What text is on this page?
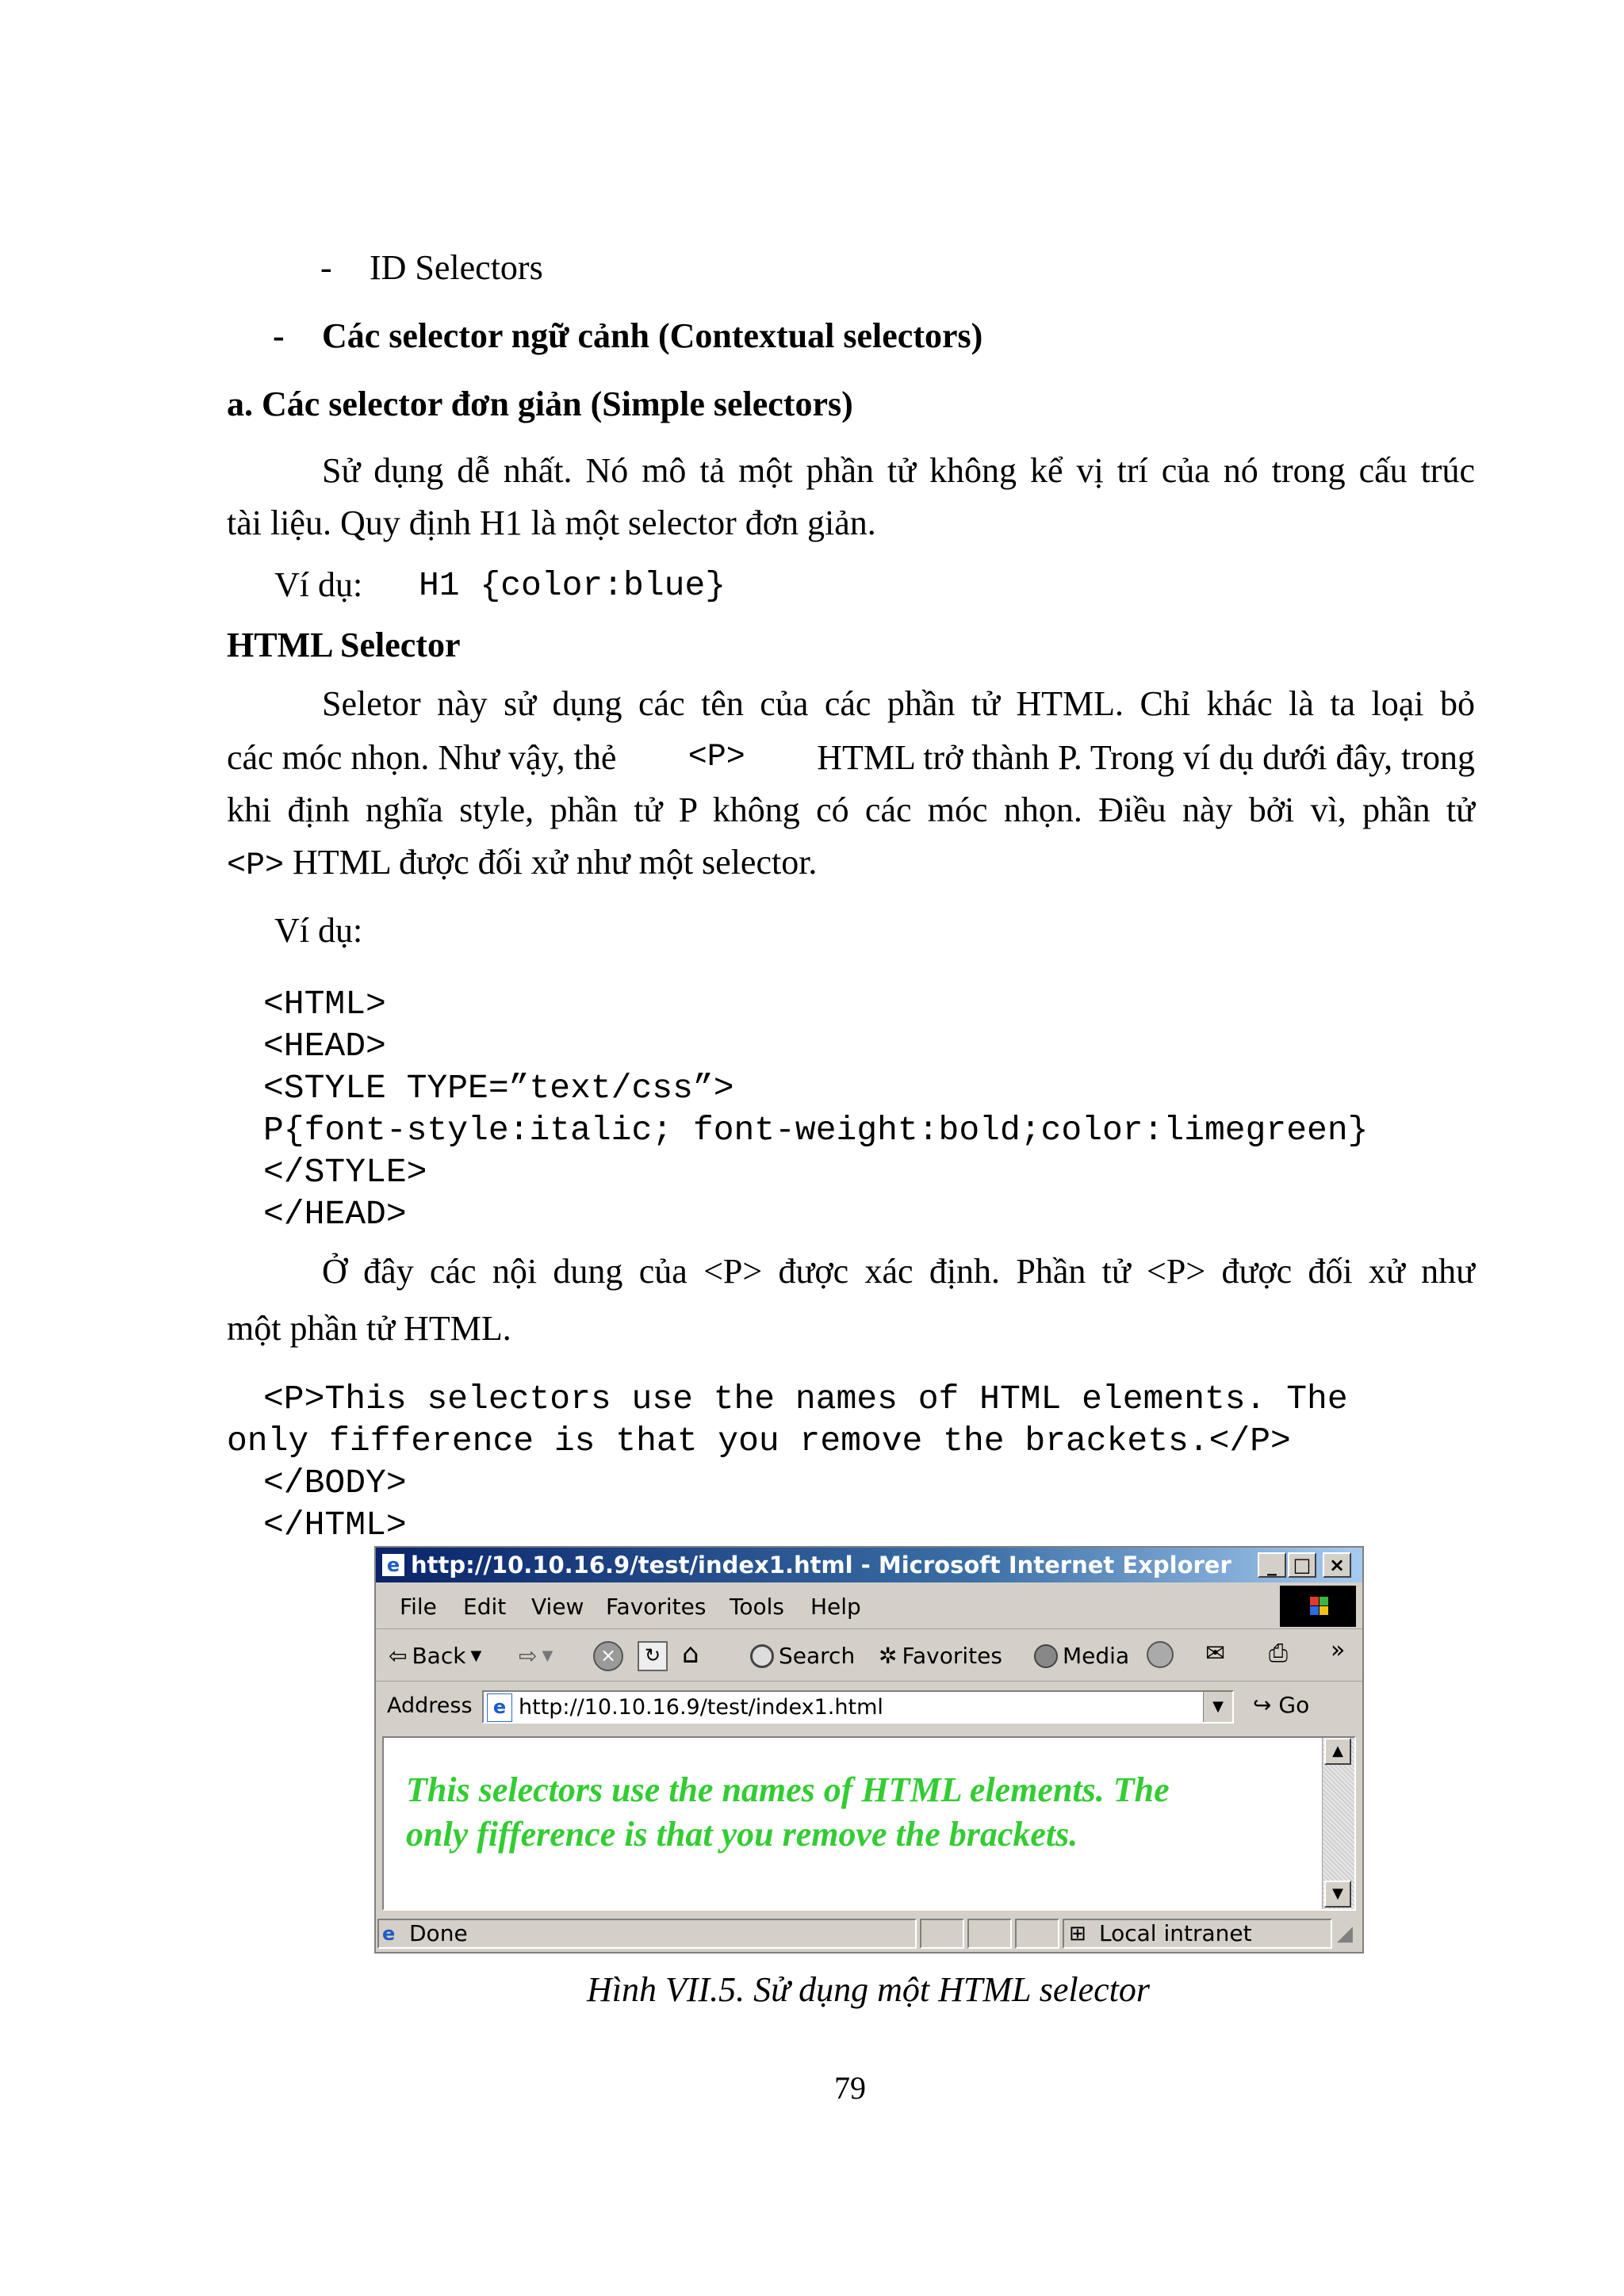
- ID Selectors
- Các selector ngữ cảnh (Contextual selectors)
a. Các selector đơn giản (Simple selectors)
Sử dụng dễ nhất. Nó mô tả một phần tử không kể vị trí của nó trong cấu trúc
tài liệu. Quy định H1 là một selector đơn giản.
Ví dụ: H1 {color:blue}
HTML Selector
Seletor này sử dụng các tên của các phần tử HTML. Chỉ khác là ta loại bỏ
các móc nhọn. Như vậy, thẻ <P> HTML trở thành P. Trong ví dụ dưới đây, trong
khi định nghĩa style, phần tử P không có các móc nhọn. Điều này bởi vì, phần tử
<P> HTML được đối xử như một selector.
Ví dụ:
<HTML>
<HEAD>
<STYLE TYPE=”text/css”>
P{font-style:italic; font-weight:bold;color:limegreen}
</STYLE>
</HEAD>
Ở đây các nội dung của <P> được xác định. Phần tử <P> được đối xử như
một phần tử HTML.
<P>This selectors use the names of HTML elements. The
only fifference is that you remove the brackets.</P>
</BODY>
</HTML>
e http://10.10.16.9/test/index1.html - Microsoft Internet Explorer	_ □ ×
File Edit View Favorites Tools Help
⇦ Back ▼ ⇨ ▼	×	↻ ⌂	Search ✲ Favorites	Media	✉ ⎙ »
Address	e http://10.10.16.9/test/index1.html	▼	↪ Go
This selectors use the names of HTML elements. The
only fifference is that you remove the brackets.
▲
▼
e Done	⊞ Local intranet	◢
Hình VII.5. Sử dụng một HTML selector
79
